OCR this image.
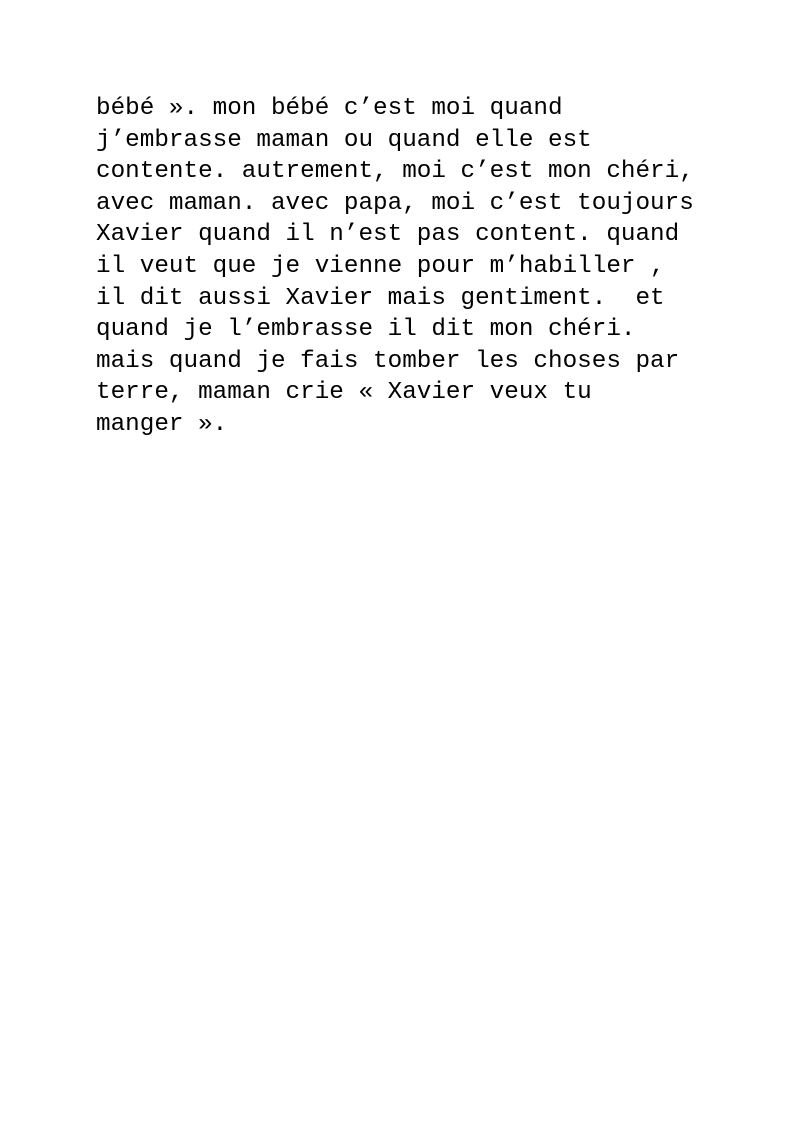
bébé ». mon bébé c’est moi quand
j’embrasse maman ou quand elle est
contente. autrement, moi c’est mon chéri,
avec maman. avec papa, moi c’est toujours
Xavier quand il n’est pas content. quand
il veut que je vienne pour m’habiller ,
il dit aussi Xavier mais gentiment.  et
quand je l’embrasse il dit mon chéri.
mais quand je fais tomber les choses par
terre, maman crie « Xavier veux tu
manger ».
